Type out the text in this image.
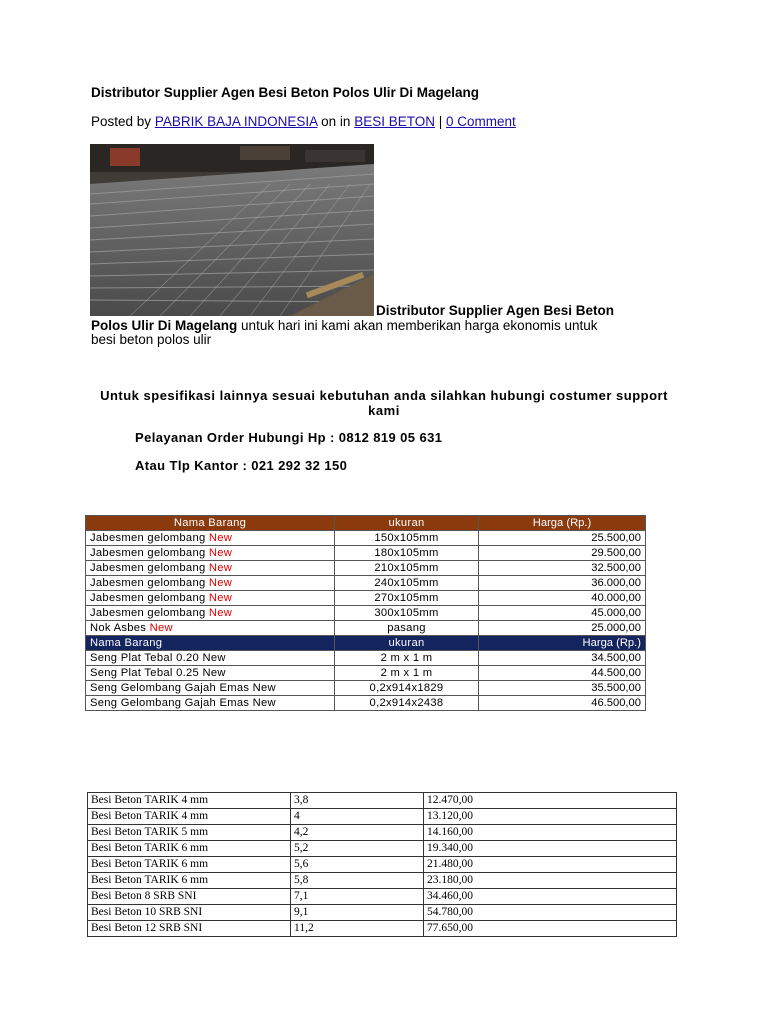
Distributor Supplier Agen Besi Beton Polos Ulir Di Magelang
Posted by PABRIK BAJA INDONESIA on in BESI BETON | 0 Comment
Distributor Supplier Agen Besi Beton
Polos Ulir Di Magelang untuk hari ini kami akan memberikan harga ekonomis untuk
besi beton polos ulir
Untuk spesifikasi lainnya sesuai kebutuhan anda silahkan hubungi costumer support kami
Pelayanan Order Hubungi Hp : 0812 819 05 631
Atau Tlp Kantor : 021 292 32 150
Nama Barang	ukuran	Harga (Rp.)
Jabesmen gelombang New	150x105mm	25.500,00
Jabesmen gelombang New	180x105mm	29.500,00
Jabesmen gelombang New	210x105mm	32.500,00
Jabesmen gelombang New	240x105mm	36.000,00
Jabesmen gelombang New	270x105mm	40.000,00
Jabesmen gelombang New	300x105mm	45.000,00
Nok Asbes New	pasang	25.000,00
Nama Barang	ukuran	Harga (Rp.)
Seng Plat Tebal 0.20 New	2 m x 1 m	34.500,00
Seng Plat Tebal 0.25 New	2 m x 1 m	44.500,00
Seng Gelombang Gajah Emas New	0,2x914x1829	35.500,00
Seng Gelombang Gajah Emas New	0,2x914x2438	46.500,00
Besi Beton TARIK 4 mm	3,8	12.470,00
Besi Beton TARIK 4 mm	4	13.120,00
Besi Beton TARIK 5 mm	4,2	14.160,00
Besi Beton TARIK 6 mm	5,2	19.340,00
Besi Beton TARIK 6 mm	5,6	21.480,00
Besi Beton TARIK 6 mm	5,8	23.180,00
Besi Beton 8 SRB SNI	7,1	34.460,00
Besi Beton 10 SRB SNI	9,1	54.780,00
Besi Beton 12 SRB SNI	11,2	77.650,00
